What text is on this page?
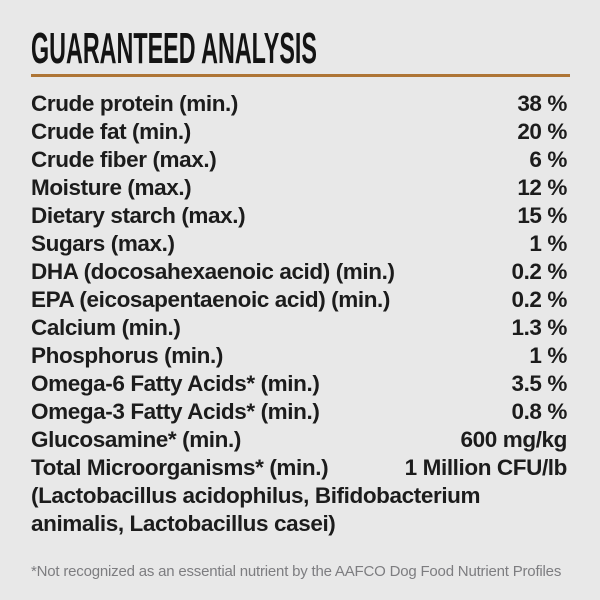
GUARANTEED ANALYSIS
Crude protein (min.)	38 %
Crude fat (min.)	20 %
Crude fiber (max.)	6 %
Moisture (max.)	12 %
Dietary starch (max.)	15 %
Sugars (max.)	1 %
DHA (docosahexaenoic acid) (min.)	0.2 %
EPA (eicosapentaenoic acid) (min.)	0.2 %
Calcium (min.)	1.3 %
Phosphorus (min.)	1 %
Omega-6 Fatty Acids* (min.)	3.5 %
Omega-3 Fatty Acids* (min.)	0.8 %
Glucosamine* (min.)	600 mg/kg
Total Microorganisms* (min.)	1 Million CFU/lb
(Lactobacillus acidophilus, Bifidobacterium animalis, Lactobacillus casei)
*Not recognized as an essential nutrient by the AAFCO Dog Food Nutrient Profiles
